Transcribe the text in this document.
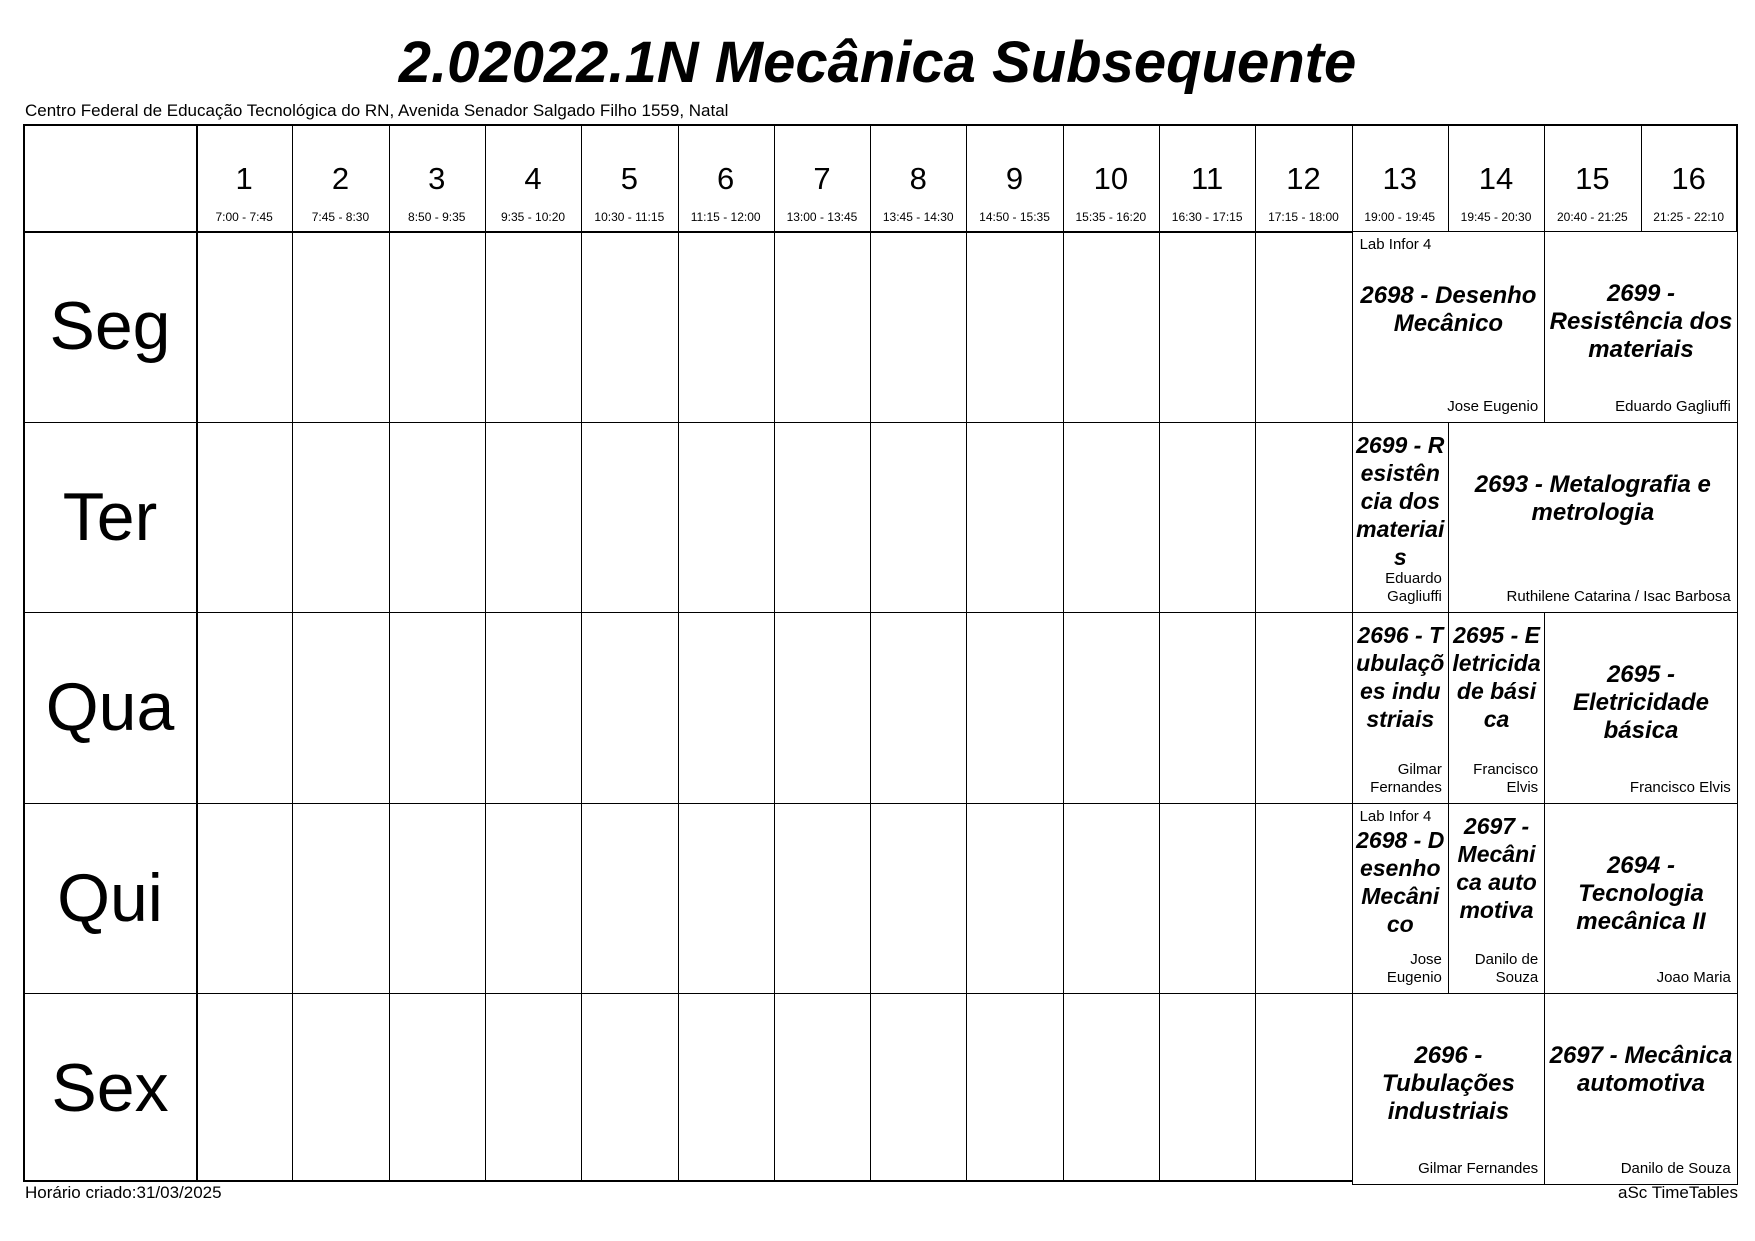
2.02022.1N Mecânica Subsequente
Centro Federal de Educação Tecnológica do RN, Avenida Senador Salgado Filho 1559, Natal
1
7:00 - 7:45
2
7:45 - 8:30
3
8:50 - 9:35
4
9:35 - 10:20
5
10:30 - 11:15
6
11:15 - 12:00
7
13:00 - 13:45
8
13:45 - 14:30
9
14:50 - 15:35
10
15:35 - 16:20
11
16:30 - 17:15
12
17:15 - 18:00
13
19:00 - 19:45
14
19:45 - 20:30
15
20:40 - 21:25
16
21:25 - 22:10
Seg
Ter
Qua
Qui
Sex
Lab Infor 4
2698 - Desenho Mecânico
Jose Eugenio
2699 - Resistência dos materiais
Eduardo Gagliuffi
2699 - Resistência dos materiais
Eduardo Gagliuffi
2693 - Metalografia e metrologia
Ruthilene Catarina / Isac Barbosa
2696 - Tubulações industriais
Gilmar Fernandes
2695 - Eletricidade básica
Francisco Elvis
2695 - Eletricidade básica
Francisco Elvis
Lab Infor 4
2698 - Desenho Mecânico
Jose Eugenio
2697 - Mecânica automotiva
Danilo de Souza
2694 - Tecnologia mecânica II
Joao Maria
2696 - Tubulações industriais
Gilmar Fernandes
2697 - Mecânica automotiva
Danilo de Souza
Horário criado:31/03/2025	aSc TimeTables
